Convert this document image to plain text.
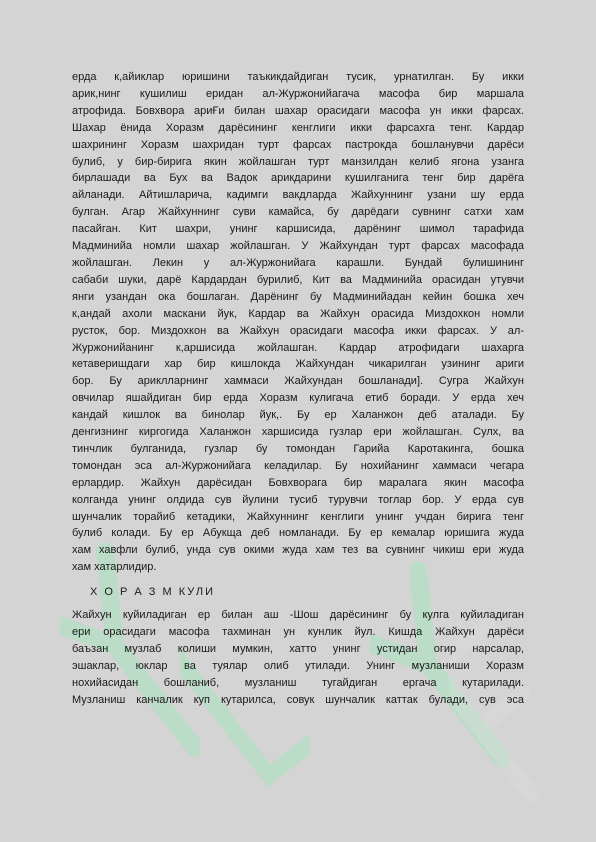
ерда к,айиклар юришини таъкикдайдиган тусик, урнатилган. Бу икки
арик,нинг кушилиш еридан ал-Журжонийагача масофа бир маршала
атрофида. Бовхвора ариҒи билан шахар орасидаги масофа ун икки фарсах.
Шахар ёнида Хоразм дарёсининг кенглиги икки фарсахга тенг. Кардар
шахрининг Хоразм шахридан турт фарсах пастрокда бошланувчи дарёси
булиб, у бир-бирига якин жойлашган турт манзилдан келиб ягона узанга
бирлашади ва Бух ва Вадок арикдарини кушилганига тенг бир дарёга
айланади. Айтишларича, кадимги вакдларда Жайхуннинг узани шу ерда
булган. Агар Жайхуннинг суви камайса, бу дарёдаги сувнинг сатхи хам
пасайган. Кит шахри, унинг каршисида, дарёнинг шимол тарафида
Мадминийа номли шахар жойлашган. У Жайхундан турт фарсах масофада
жойлашган. Лекин у ал-Журжонийага карашли. Бундай булишининг
сабаби шуки, дарё Кардардан бурилиб, Кит ва Мадминийа орасидан утувчи
янги узандан ока бошлаган. Дарёнинг бу Мадминийадан кейин бошка хеч
к,андай ахоли маскани йук, Кардар ва Жайхун орасида Миздохкон номли
русток, бор. Миздохкон ва Жайхун орасидаги масофа икки фарсах. У ал-
Журжонийанинг к,аршисида жойлашган. Кардар атрофидаги шахарга
кетаверишдаги хар бир кишлокда Жайхундан чикарилган узининг ариги
бор. Бу ариклларнинг хаммаси Жайхундан бошланади]. Сугра Жайхун
овчилар яшайдиган бир ерда Хоразм кулигача етиб боради. У ерда хеч
кандай кишлок ва бинолар йук,. Бу ер Халанжон деб аталади. Бу
денгизнинг киргогида Халанжон харшисида гузлар ери жойлашган. Сулх, ва
тинчлик булганида, гузлар бу томондан Гарийа Каротакинга, бошка
томондан эса ал-Журжонийага келадилар. Бу нохийанинг хаммаси чегара
ерлардир. Жайхун дарёсидан Бовхворага бир маралага якин масофа
колганда унинг олдида сув йулини тусиб турувчи тоглар бор. У ерда сув
шунчалик торайиб кетадики, Жайхуннинг кенглиги унинг учдан бирига тенг
булиб колади. Бу ер Абукща деб номланади. Бу ер кемалар юришига жуда
хам хавфли булиб, унда сув окими жуда хам тез ва сувнинг чикиш ери жуда
хам хатарлидир.
Х О Р А З М КУЛИ
Жайхун куйиладиган ер билан аш -Шош дарёсининг бу кулга куйиладиган
ери орасидаги масофа тахминан ун кунлик йул. Кишда Жайхун дарёси
баъзан музлаб колиши мумкин, хатто унинг устидан огир нарсалар,
эшаклар, юклар ва туялар олиб утилади. Унинг музланиши Хоразм
нохийасидан бошланиб, музланиш тугайдиган ергача кутарилади.
Музланиш канчалик куп кутарилса, совук шунчалик каттак булади, сув эса
